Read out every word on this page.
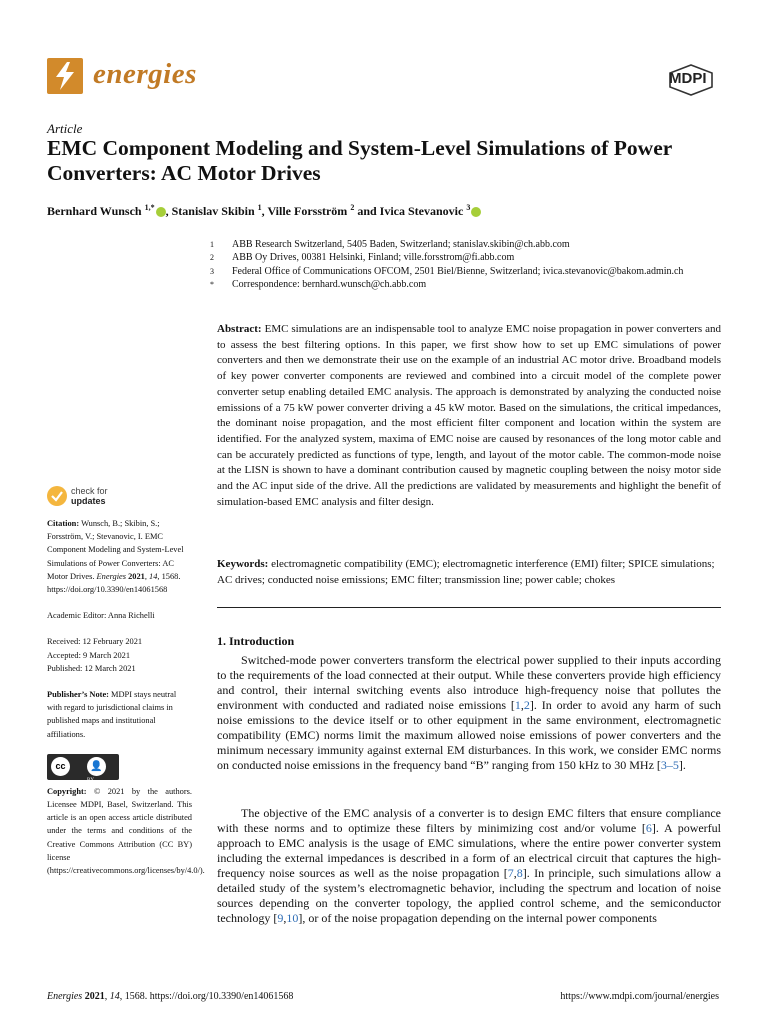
energies	MDPI
Article
EMC Component Modeling and System-Level Simulations of Power Converters: AC Motor Drives
Bernhard Wunsch $^{1,*}$ , Stanislav Skibin $^1$, Ville Forsström $^2$ and Ivica Stevanovic $^3$
1	ABB Research Switzerland, 5405 Baden, Switzerland; stanislav.skibin@ch.abb.com
2	ABB Oy Drives, 00381 Helsinki, Finland; ville.forsstrom@fi.abb.com
3	Federal Office of Communications OFCOM, 2501 Biel/Bienne, Switzerland; ivica.stevanovic@bakom.admin.ch
*	Correspondence: bernhard.wunsch@ch.abb.com
Abstract: EMC simulations are an indispensable tool to analyze EMC noise propagation in power converters and to assess the best filtering options. In this paper, we first show how to set up EMC simulations of power converters and then we demonstrate their use on the example of an industrial AC motor drive. Broadband models of key power converter components are reviewed and combined into a circuit model of the complete power converter setup enabling detailed EMC analysis. The approach is demonstrated by analyzing the conducted noise emissions of a 75 kW power converter driving a 45 kW motor. Based on the simulations, the critical impedances, the dominant noise propagation, and the most efficient filter component and location within the system are identified. For the analyzed system, maxima of EMC noise are caused by resonances of the long motor cable and can be accurately predicted as functions of type, length, and layout of the motor cable. The common-mode noise at the LISN is shown to have a dominant contribution caused by magnetic coupling between the noisy motor side and the AC input side of the drive. All the predictions are validated by measurements and highlight the benefit of simulation-based EMC analysis and filter design.
Keywords: electromagnetic compatibility (EMC); electromagnetic interference (EMI) filter; SPICE simulations; AC drives; conducted noise emissions; EMC filter; transmission line; power cable; chokes
1. Introduction
Switched-mode power converters transform the electrical power supplied to their inputs according to the requirements of the load connected at their output. While these converters provide high efficiency and control, their internal switching events also introduce high-frequency noise that pollutes the environment with conducted and radiated noise emissions [1,2]. In order to avoid any harm of such noise emissions to the device itself or to other equipment in the same environment, electromagnetic compatibility (EMC) norms limit the maximum allowed noise emissions of power converters and the minimum necessary immunity against external EM disturbances. In this work, we consider EMC norms on conducted noise emissions in the frequency band “B” ranging from 150 kHz to 30 MHz [3–5].
The objective of the EMC analysis of a converter is to design EMC filters that ensure compliance with these norms and to optimize these filters by minimizing cost and/or volume [6]. A powerful approach to EMC analysis is the usage of EMC simulations, where the entire power converter system including the external impedances is described in a form of an electrical circuit that captures the high-frequency noise sources as well as the noise propagation [7,8]. In principle, such simulations allow a detailed study of the system’s electromagnetic behavior, including the spectrum and location of noise sources depending on the converter topology, the applied control scheme, and the semiconductor technology [9,10], or of the noise propagation depending on the internal power components
check for
updates
Citation: Wunsch, B.; Skibin, S.; Forsström, V.; Stevanovic, I. EMC Component Modeling and System-Level Simulations of Power Converters: AC Motor Drives. Energies 2021, 14, 1568. https://doi.org/10.3390/en14061568
Academic Editor: Anna Richelli
Received: 12 February 2021
Accepted: 9 March 2021
Published: 12 March 2021
Publisher’s Note: MDPI stays neutral with regard to jurisdictional claims in published maps and institutional affiliations.
cc	👤
BY
Copyright: © 2021 by the authors. Licensee MDPI, Basel, Switzerland. This article is an open access article distributed under the terms and conditions of the Creative Commons Attribution (CC BY) license (https://creativecommons.org/licenses/by/4.0/).
Energies 2021, 14, 1568. https://doi.org/10.3390/en14061568	https://www.mdpi.com/journal/energies
